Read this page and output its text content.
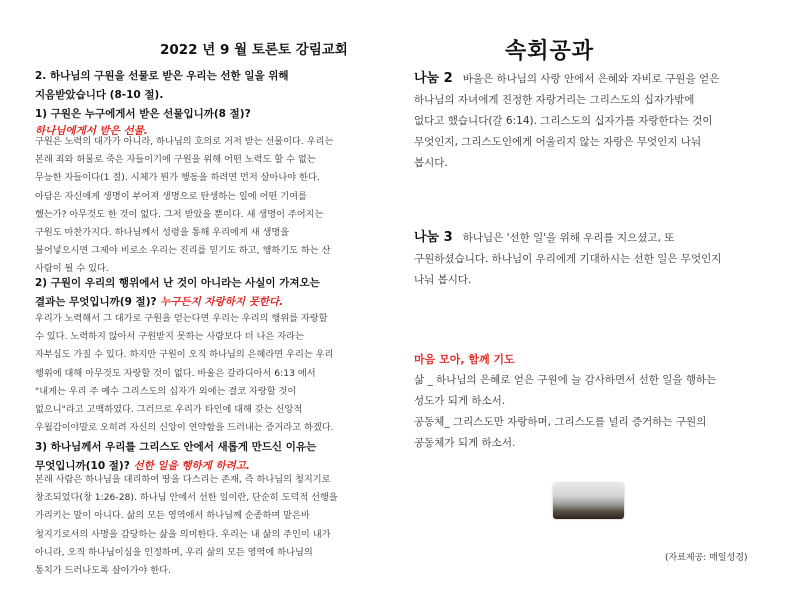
2022 년 9 월 토론토 강림교회
2. 하나님의 구원을 선물로 받은 우리는 선한 일을 위해
지음받았습니다 (8-10 절).
1) 구원은 누구에게서 받은 선물입니까(8 절)?
하나님에게서 받은 선물.
구원은 노력의 대가가 아니라, 하나님의 호의로 거저 받는 선물이다. 우리는
본래 죄와 허물로 죽은 자들이기에 구원을 위해 어떤 노력도 할 수 없는
무능한 자들이다(1 절). 시체가 뭔가 행동을 하려면 먼저 살아나야 한다.
아담은 자신에게 생명이 부어져 생명으로 탄생하는 일에 어떤 기여를
했는가? 아무것도 한 것이 없다. 그저 받았을 뿐이다. 새 생명이 주어지는
구원도 마찬가지다. 하나님께서 성령을 통해 우리에게 새 생명을
불어넣으시면 그제야 비로소 우리는 진리를 믿기도 하고, 행하기도 하는 산
사람이 될 수 있다.
2) 구원이 우리의 행위에서 난 것이 아니라는 사실이 가져오는
결과는 무엇입니까(9 절)? 누구든지 자랑하지 못한다.
우리가 노력해서 그 대가로 구원을 얻는다면 우리는 우리의 행위를 자랑할
수 있다. 노력하지 않아서 구원받지 못하는 사람보다 더 나은 자라는
자부심도 가질 수 있다. 하지만 구원이 오직 하나님의 은혜라면 우리는 우리
행위에 대해 아무것도 자랑할 것이 없다. 바울은 갈라디아서 6:13 에서
"내게는 우리 주 예수 그리스도의 십자가 외에는 결코 자랑할 것이
없으니"라고 고백하였다. 그러므로 우리가 타인에 대해 갖는 신앙적
우월감이야말로 오히려 자신의 신앙이 연약함을 드러내는 증거라고 하겠다.
3) 하나님께서 우리를 그리스도 안에서 새롭게 만드신 이유는
무엇입니까(10 절)? 선한 일을 행하게 하려고.
본래 사람은 하나님을 대리하여 땅을 다스리는 존재, 즉 하나님의 청지기로
창조되었다(창 1:26-28). 하나님 안에서 선한 일이란, 단순히 도덕적 선행을
가리키는 말이 아니다. 삶의 모든 영역에서 하나님께 순종하며 맡은바
청지기로서의 사명을 감당하는 삶을 의미한다. 우리는 내 삶의 주인이 내가
아니라, 오직 하나님이심을 인정하며, 우리 삶의 모든 영역에 하나님의
통치가 드러나도록 살아가야 한다.
속회공과
나눔 2 바울은 하나님의 사랑 안에서 은혜와 자비로 구원을 얻은
하나님의 자녀에게 진정한 자랑거리는 그리스도의 십자가밖에
없다고 했습니다(갈 6:14). 그리스도의 십자가를 자랑한다는 것이
무엇인지, 그리스도인에게 어울리지 않는 자랑은 무엇인지 나눠
봅시다.
나눔 3 하나님은 '선한 일'을 위해 우리를 지으셨고, 또
구원하셨습니다. 하나님이 우리에게 기대하시는 선한 일은 무엇인지
나눠 봅시다.
마음 모아, 함께 기도
삶 _ 하나님의 은혜로 얻은 구원에 늘 감사하면서 선한 일을 행하는
성도가 되게 하소서.
공동체_ 그리스도만 자랑하며, 그리스도를 널리 증거하는 구원의
공동체가 되게 하소서.
(자료제공: 매일성경)
